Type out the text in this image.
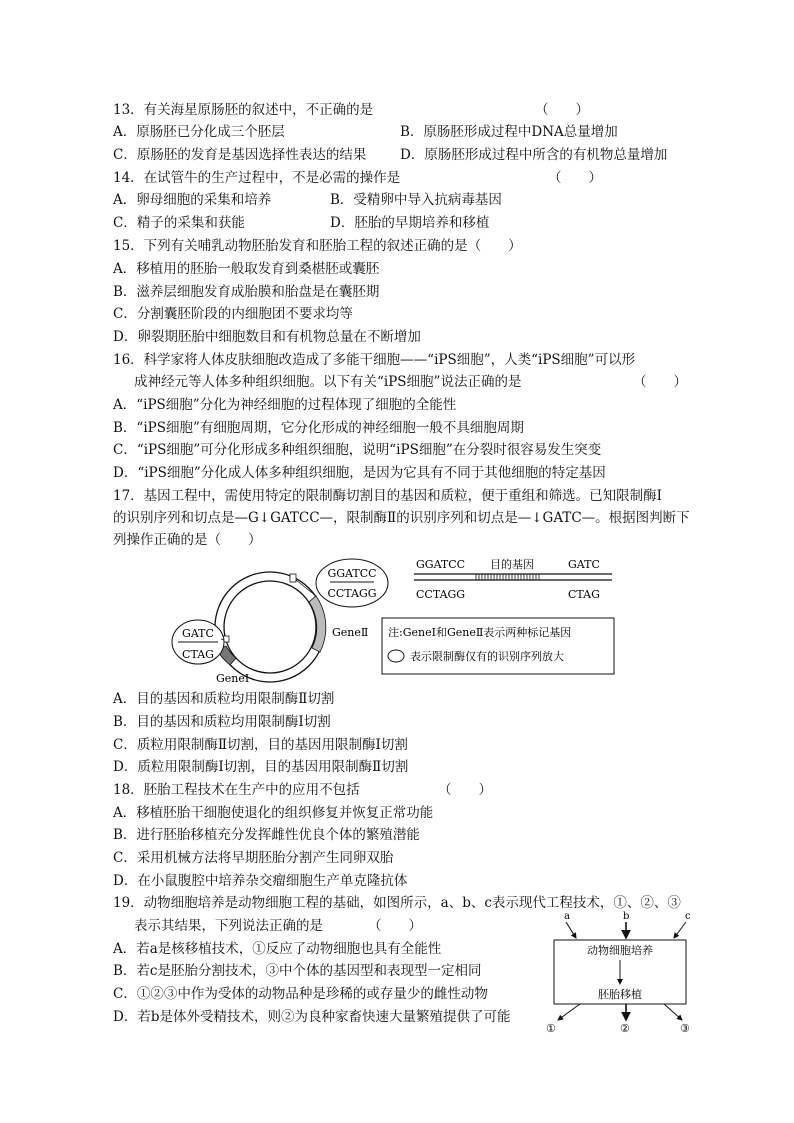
13．有关海星原肠胚的叙述中，不正确的是	（　　）
A．原肠胚已分化成三个胚层	B．原肠胚形成过程中DNA总量增加
C．原肠胚的发育是基因选择性表达的结果 D．原肠胚形成过程中所含的有机物总量增加
14．在试管牛的生产过程中，不是必需的操作是	（　　）
A．卵母细胞的采集和培养	B．受精卵中导入抗病毒基因
C．精子的采集和获能	D．胚胎的早期培养和移植
15．下列有关哺乳动物胚胎发育和胚胎工程的叙述正确的是（　　）
A．移植用的胚胎一般取发育到桑椹胚或囊胚
B．滋养层细胞发育成胎膜和胎盘是在囊胚期
C．分割囊胚阶段的内细胞团不要求均等
D．卵裂期胚胎中细胞数目和有机物总量在不断增加
16．科学家将人体皮肤细胞改造成了多能干细胞——“iPS细胞”，人类“iPS细胞”可以形
成神经元等人体多种组织细胞。以下有关“iPS细胞”说法正确的是	（　　）
A．“iPS细胞”分化为神经细胞的过程体现了细胞的全能性
B．“iPS细胞”有细胞周期，它分化形成的神经细胞一般不具细胞周期
C．“iPS细胞”可分化形成多种组织细胞，说明“iPS细胞”在分裂时很容易发生突变
D．“iPS细胞”分化成人体多种组织细胞，是因为它具有不同于其他细胞的特定基因
17．基因工程中，需使用特定的限制酶切割目的基因和质粒，便于重组和筛选。已知限制酶Ⅰ
的识别序列和切点是—G↓GATCC—，限制酶Ⅱ的识别序列和切点是—↓GATC—。根据图判断下
列操作正确的是（　　）
GGATCC
CCTAGG
GATC
CTAG
GeneⅡ
GeneⅠ
GGATCC 目的基因	GATC
CCTAGG	CTAG
注:GeneⅠ和GeneⅡ表示两种标记基因
表示限制酶仅有的识别序列放大
A．目的基因和质粒均用限制酶Ⅱ切割
B．目的基因和质粒均用限制酶Ⅰ切割
C．质粒用限制酶Ⅱ切割，目的基因用限制酶Ⅰ切割
D．质粒用限制酶Ⅰ切割，目的基因用限制酶Ⅱ切割
18．胚胎工程技术在生产中的应用不包括	（　　）
A．移植胚胎干细胞使退化的组织修复并恢复正常功能
B．进行胚胎移植充分发挥雌性优良个体的繁殖潜能
C．采用机械方法将早期胚胎分割产生同卵双胎
D．在小鼠腹腔中培养杂交瘤细胞生产单克隆抗体
19．动物细胞培养是动物细胞工程的基础，如图所示，a、b、c表示现代工程技术，①、②、③
表示其结果，下列说法正确的是	（　　）
A．若a是核移植技术，①反应了动物细胞也具有全能性
B．若c是胚胎分割技术，③中个体的基因型和表现型一定相同
C．①②③中作为受体的动物品种是珍稀的或存量少的雌性动物
D．若b是体外受精技术，则②为良种家畜快速大量繁殖提供了可能
a	b	c
动物细胞培养
胚胎移植
①	②	③
